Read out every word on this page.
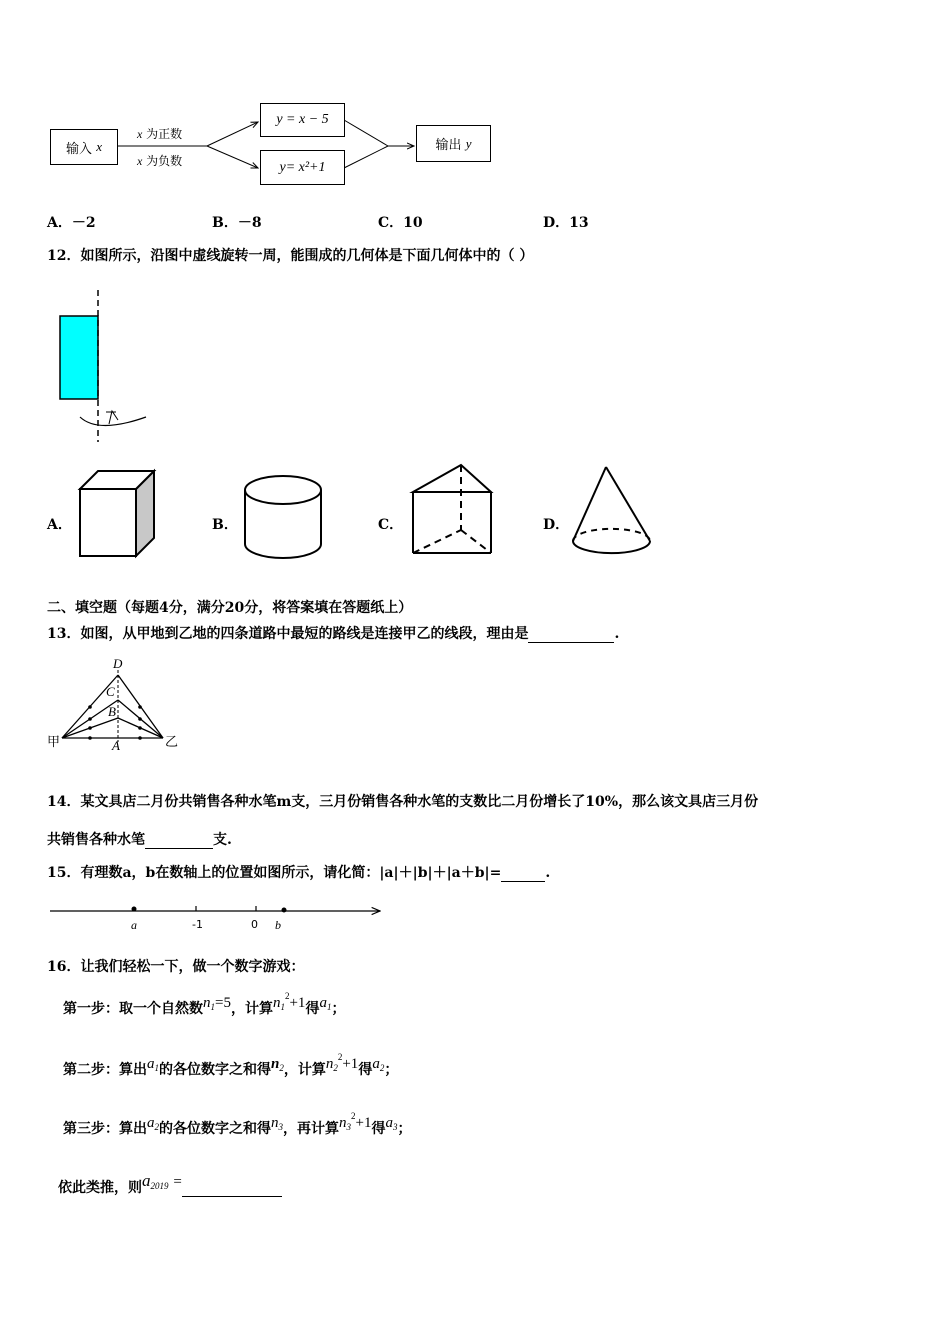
输入
x
x 为正数
x 为负数
y = x − 5
y= x²+1
输出
y
A．－2	B．－8	C．10	D．13
12．如图所示，沿图中虚线旋转一周，能围成的几何体是下面几何体中的（ ）
A．	B．	C．	D．
二、填空题（每题4分，满分20分，将答案填在答题纸上）
13．如图，从甲地到乙地的四条道路中最短的路线是连接甲乙的线段，理由是	.
D
C
B
A
甲	乙
14．某文具店二月份共销售各种水笔m支，三月份销售各种水笔的支数比二月份增长了10%，那么该文具店三月份
共销售各种水笔	支.
15．有理数a，b在数轴上的位置如图所示，请化简：|a|＋|b|＋|a＋b|=	.
a	-1	0 b
16．让我们轻松一下，做一个数字游戏：
第一步：取一个自然数$n_1=5$，计算$n_1^2+1$得$a_1$；
第二步：算出$a_1$的各位数字之和得$n_2$，计算$n_2^2+1$得$a_2$；
第三步：算出$a_2$的各位数字之和得$n_3$，再计算$n_3^2+1$得$a_3$；
依此类推，则$a_{2019}$ =
